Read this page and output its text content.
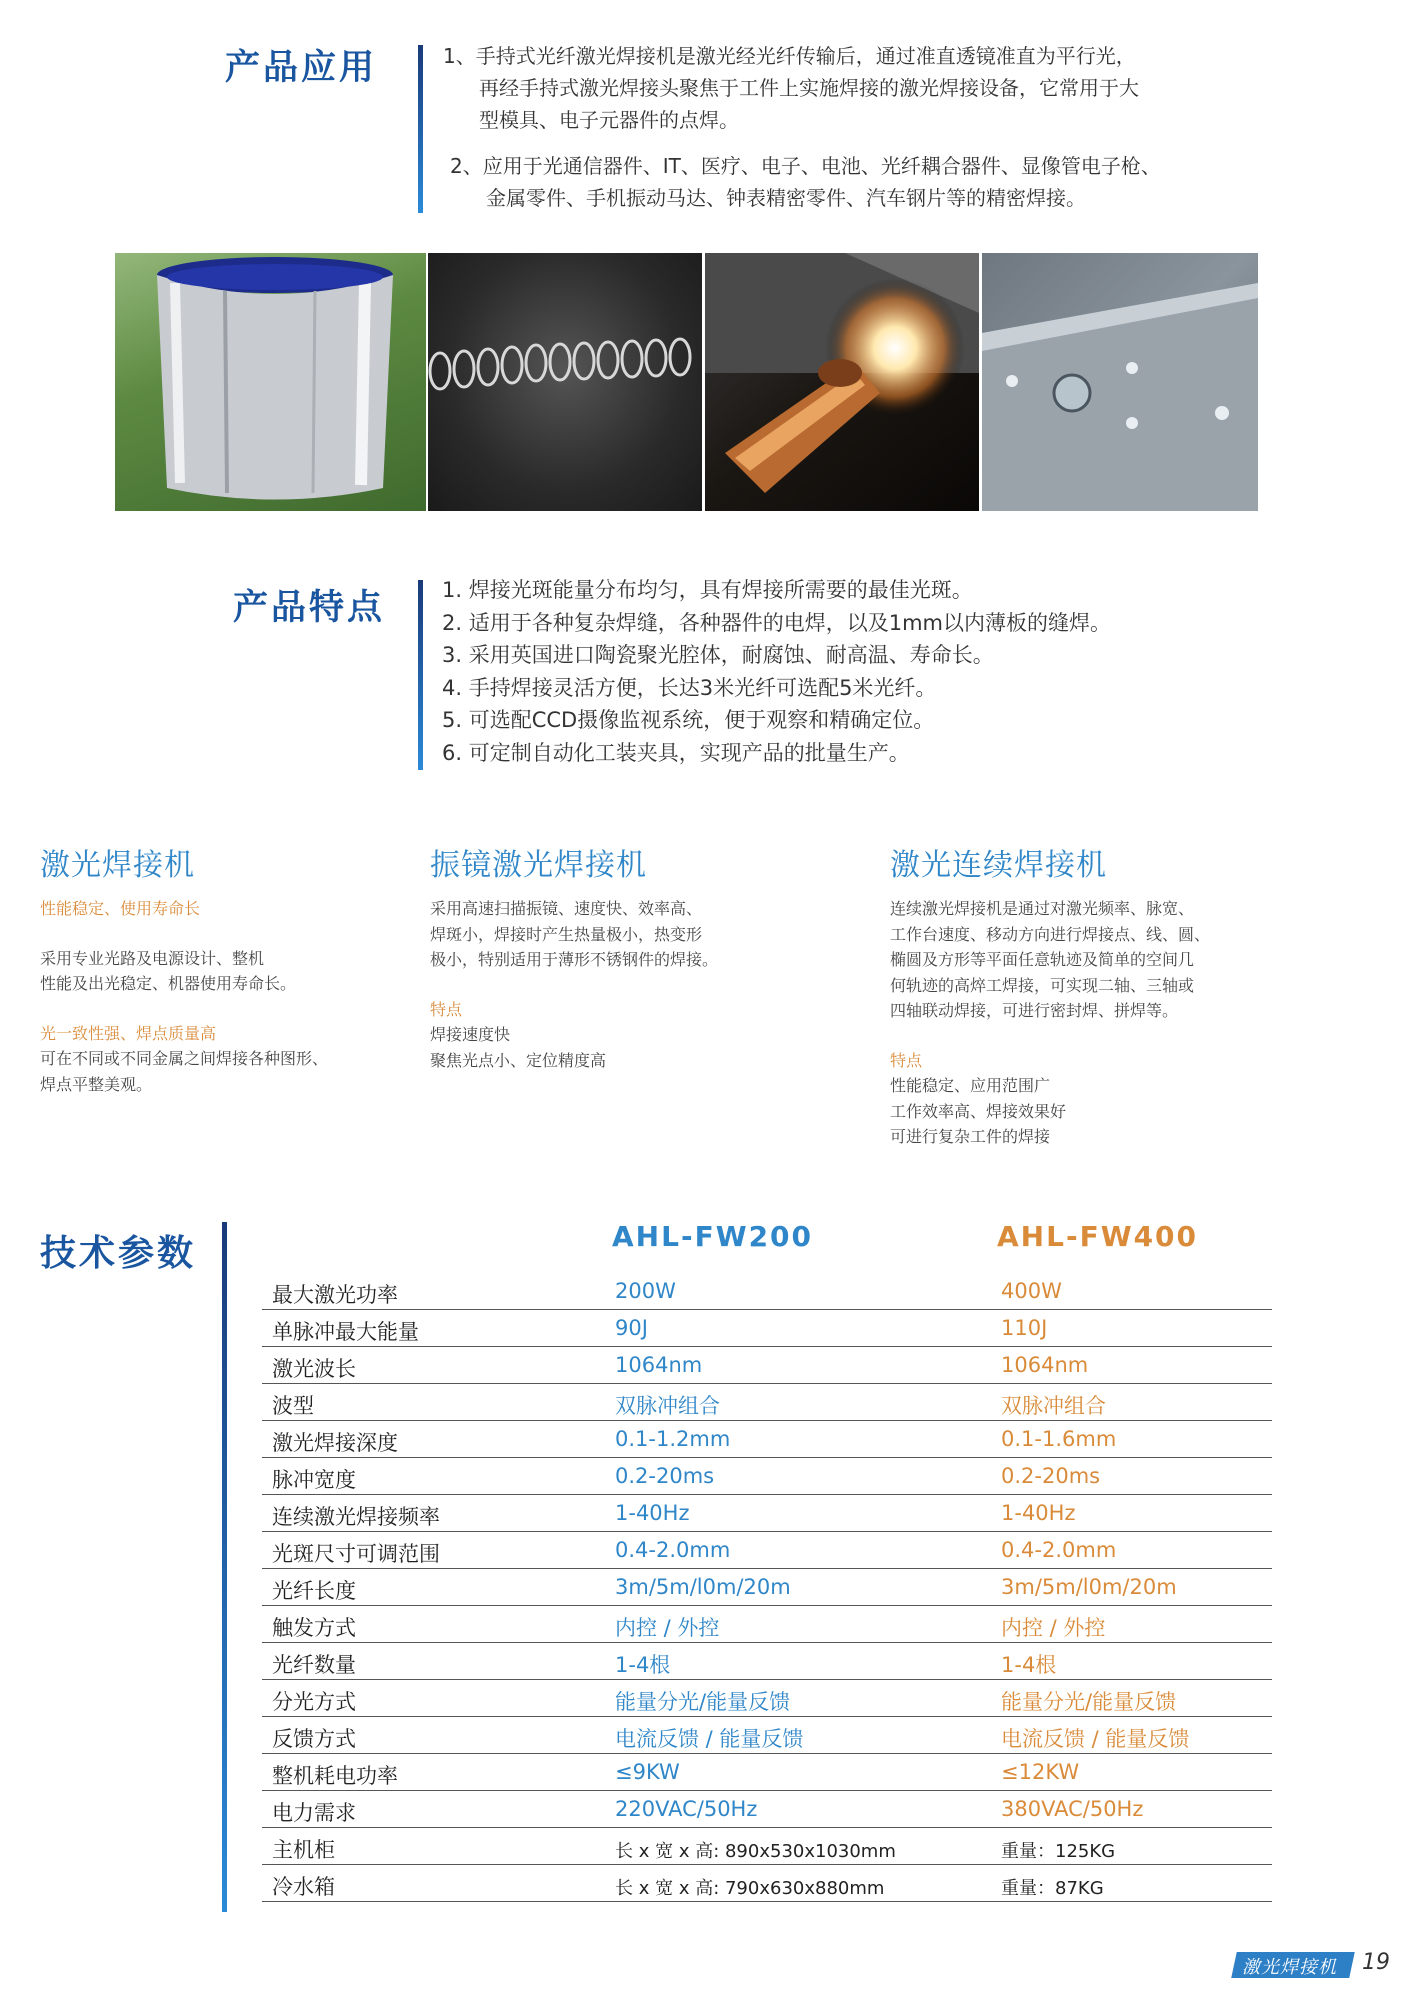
产品应用	1、手持式光纤激光焊接机是激光经光纤传输后，通过准直透镜准直为平行光，

再经手持式激光焊接头聚焦于工件上实施焊接的激光焊接设备，它常用于大

型模具、电子元器件的点焊。

2、应用于光通信器件、IT、医疗、电子、电池、光纤耦合器件、显像管电子枪、

金属零件、手机振动马达、钟表精密零件、汽车钢片等的精密焊接。

产品特点	1. 焊接光斑能量分布均匀，具有焊接所需要的最佳光斑。

2. 适用于各种复杂焊缝，各种器件的电焊，以及1mm以内薄板的缝焊。

3. 采用英国进口陶瓷聚光腔体，耐腐蚀、耐高温、寿命长。

4. 手持焊接灵活方便，长达3米光纤可选配5米光纤。

5. 可选配CCD摄像监视系统，便于观察和精确定位。

6. 可定制自动化工装夹具，实现产品的批量生产。

激光焊接机
性能稳定、使用寿命长
采用专业光路及电源设计、整机
性能及出光稳定、机器使用寿命长。
光一致性强、焊点质量高
可在不同或不同金属之间焊接各种图形、
焊点平整美观。
振镜激光焊接机
采用高速扫描振镜、速度快、效率高、
焊斑小，焊接时产生热量极小，热变形
极小，特别适用于薄形不锈钢件的焊接。
特点
焊接速度快
聚焦光点小、定位精度高
激光连续焊接机
连续激光焊接机是通过对激光频率、脉宽、
工作台速度、移动方向进行焊接点、线、圆、
椭圆及方形等平面任意轨迹及简单的空间几
何轨迹的高焠工焊接，可实现二轴、三轴或
四轴联动焊接，可进行密封焊、拼焊等。
特点
性能稳定、应用范围广
工作效率高、焊接效果好
可进行复杂工件的焊接
技术参数	AHL-FW200	AHL-FW400
最大激光功率	200W	400W
单脉冲最大能量	90J	110J
激光波长	1064nm	1064nm
波型	双脉冲组合	双脉冲组合
激光焊接深度	0.1-1.2mm	0.1-1.6mm
脉冲宽度	0.2-20ms	0.2-20ms
连续激光焊接频率	1-40Hz	1-40Hz
光斑尺寸可调范围	0.4-2.0mm	0.4-2.0mm
光纤长度	3m/5m/l0m/20m	3m/5m/l0m/20m
触发方式	内控 / 外控	内控 / 外控
光纤数量	1-4根	1-4根
分光方式	能量分光/能量反馈	能量分光/能量反馈
反馈方式	电流反馈 / 能量反馈	电流反馈 / 能量反馈
整机耗电功率	≤9KW	≤12KW
电力需求	220VAC/50Hz	380VAC/50Hz
主机柜	长 x 宽 x 高: 890x530x1030mm	重量：125KG
冷水箱	长 x 宽 x 高: 790x630x880mm	重量：87KG
激光焊接机 19
